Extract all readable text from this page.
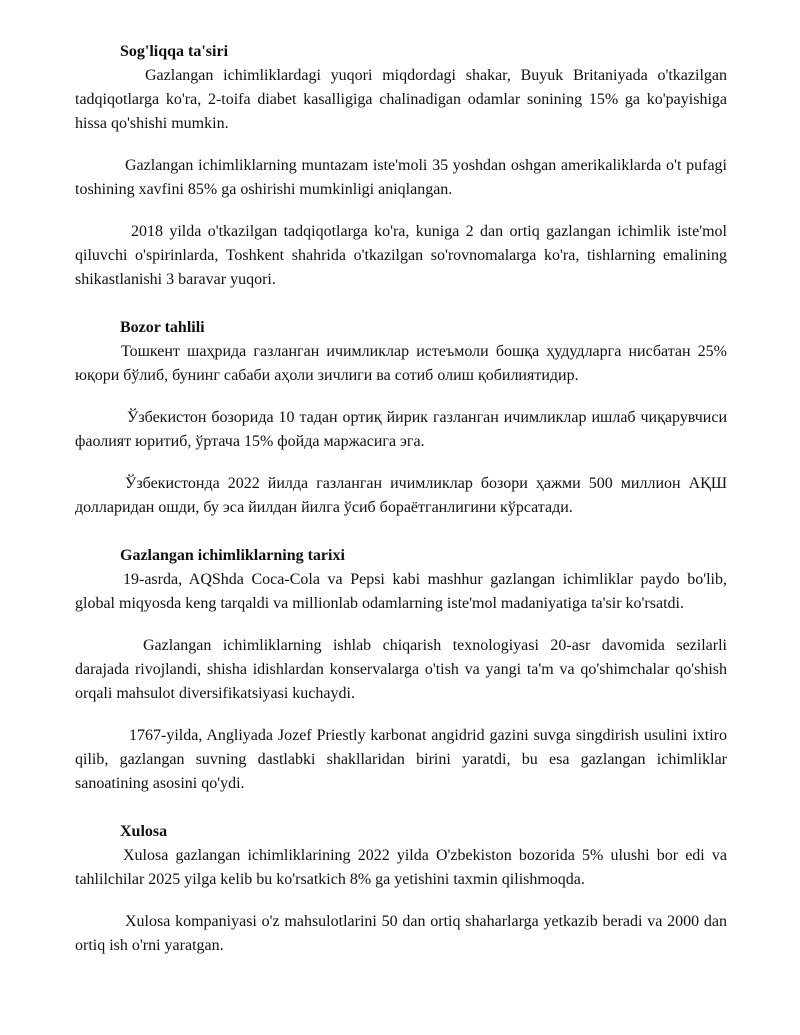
Sog'liqqa ta'siri

Gazlangan ichimliklardagi yuqori miqdordagi shakar, Buyuk Britaniyada o'tkazilgan tadqiqotlarga ko'ra, 2-toifa diabet kasalligiga chalinadigan odamlar sonining 15% ga ko'payishiga hissa qo'shishi mumkin.

Gazlangan ichimliklarning muntazam iste'moli 35 yoshdan oshgan amerikaliklarda o't pufagi toshining xavfini 85% ga oshirishi mumkinligi aniqlangan.

2018 yilda o'tkazilgan tadqiqotlarga ko'ra, kuniga 2 dan ortiq gazlangan ichimlik iste'mol qiluvchi o'spirinlarda, Toshkent shahrida o'tkazilgan so'rovnomalarga ko'ra, tishlarning emalining shikastlanishi 3 baravar yuqori.

Bozor tahlili

Тошкент шаҳрида газланган ичимликлар истеъмоли бошқа ҳудудларга нисбатан 25% юқори бўлиб, бунинг сабаби аҳоли зичлиги ва сотиб олиш қобилиятидир.

Ўзбекистон бозорида 10 тадан ортиқ йирик газланган ичимликлар ишлаб чиқарувчиси фаолият юритиб, ўртача 15% фойда маржасига эга.

Ўзбекистонда 2022 йилда газланган ичимликлар бозори ҳажми 500 миллион АҚШ долларидан ошди, бу эса йилдан йилга ўсиб бораётганлигини кўрсатади.

Gazlangan ichimliklarning tarixi

19-asrda, AQShda Coca-Cola va Pepsi kabi mashhur gazlangan ichimliklar paydo bo'lib, global miqyosda keng tarqaldi va millionlab odamlarning iste'mol madaniyatiga ta'sir ko'rsatdi.

Gazlangan ichimliklarning ishlab chiqarish texnologiyasi 20-asr davomida sezilarli darajada rivojlandi, shisha idishlardan konservalarga o'tish va yangi ta'm va qo'shimchalar qo'shish orqali mahsulot diversifikatsiyasi kuchaydi.

1767-yilda, Angliyada Jozef Priestly karbonat angidrid gazini suvga singdirish usulini ixtiro qilib, gazlangan suvning dastlabki shakllaridan birini yaratdi, bu esa gazlangan ichimliklar sanoatining asosini qo'ydi.

Xulosa

Xulosa gazlangan ichimliklarining 2022 yilda O'zbekiston bozorida 5% ulushi bor edi va tahlilchilar 2025 yilga kelib bu ko'rsatkich 8% ga yetishini taxmin qilishmoqda.

Xulosa kompaniyasi o'z mahsulotlarini 50 dan ortiq shaharlarga yetkazib beradi va 2000 dan ortiq ish o'rni yaratgan.
